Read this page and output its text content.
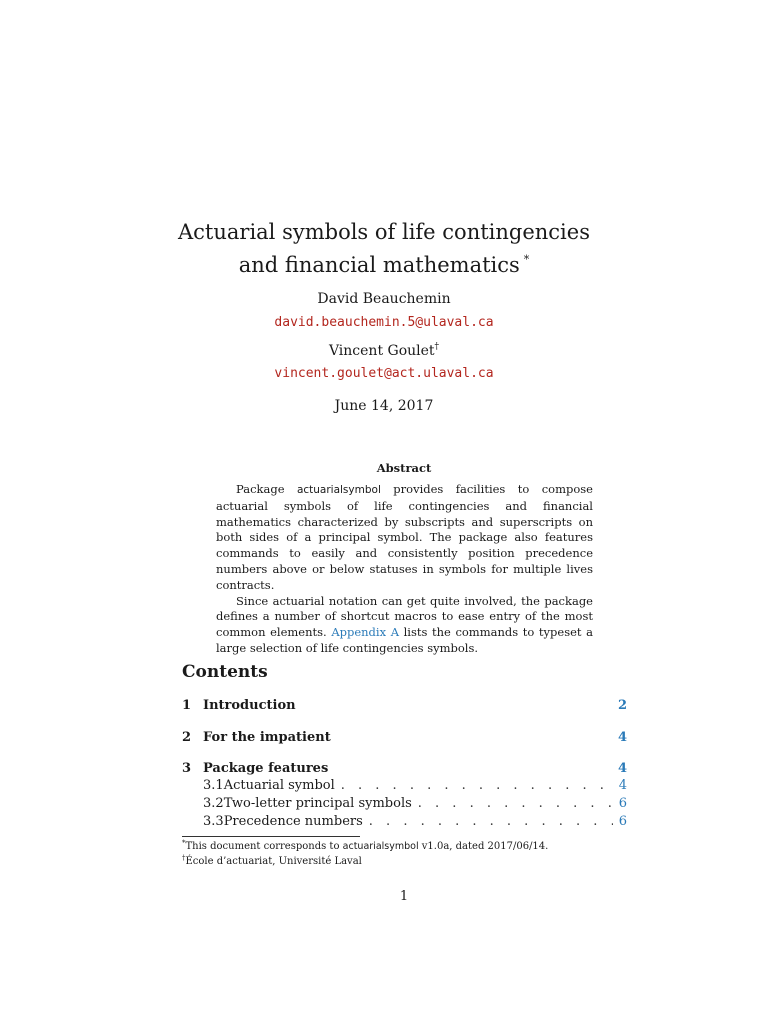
Actuarial symbols of life contingencies
and financial mathematics *
David Beauchemin
david.beauchemin.5@ulaval.ca
Vincent Goulet†
vincent.goulet@act.ulaval.ca
June 14, 2017
Abstract

Package actuarialsymbol provides facilities to compose actuarial symbols of life contingencies and financial mathematics characterized by subscripts and superscripts on both sides of a principal symbol. The package also features commands to easily and consistently position precedence numbers above or below statuses in symbols for multiple lives contracts.

Since actuarial notation can get quite involved, the package defines a number of shortcut macros to ease entry of the most common elements. Appendix A lists the commands to typeset a large selection of life contingencies symbols.

Contents
1 Introduction	2
2 For the impatient	4
3 Package features	4
3.1 Actuarial symbol . . .	4
3.2 Two-letter principal symbols . . .	6
3.3 Precedence numbers . . .	6
*This document corresponds to actuarialsymbol v1.0a, dated 2017/06/14.
†École d’actuariat, Université Laval
1
